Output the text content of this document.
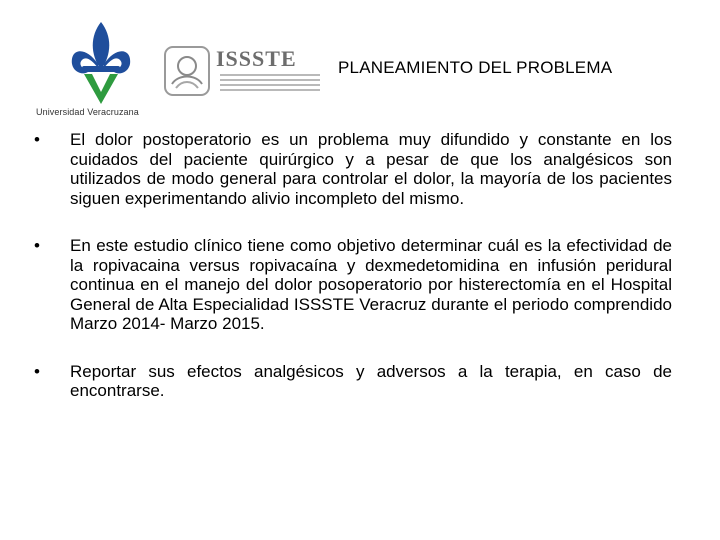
Universidad Veracruzana
ISSSTE PLANEAMIENTO DEL PROBLEMA
• El dolor postoperatorio es un problema muy difundido y constante en los cuidados del paciente quirúrgico y a pesar de que los analgésicos son utilizados de modo general para controlar el dolor, la mayoría de los pacientes siguen experimentando alivio incompleto del mismo.
• En este estudio clínico tiene como objetivo determinar cuál es la efectividad de la ropivacaina versus ropivacaína y dexmedetomidina en infusión peridural continua en el manejo del dolor posoperatorio por histerectomía en el Hospital General de Alta Especialidad ISSSTE Veracruz durante el periodo comprendido Marzo 2014- Marzo 2015.
• Reportar sus efectos analgésicos y adversos a la terapia, en caso de encontrarse.
